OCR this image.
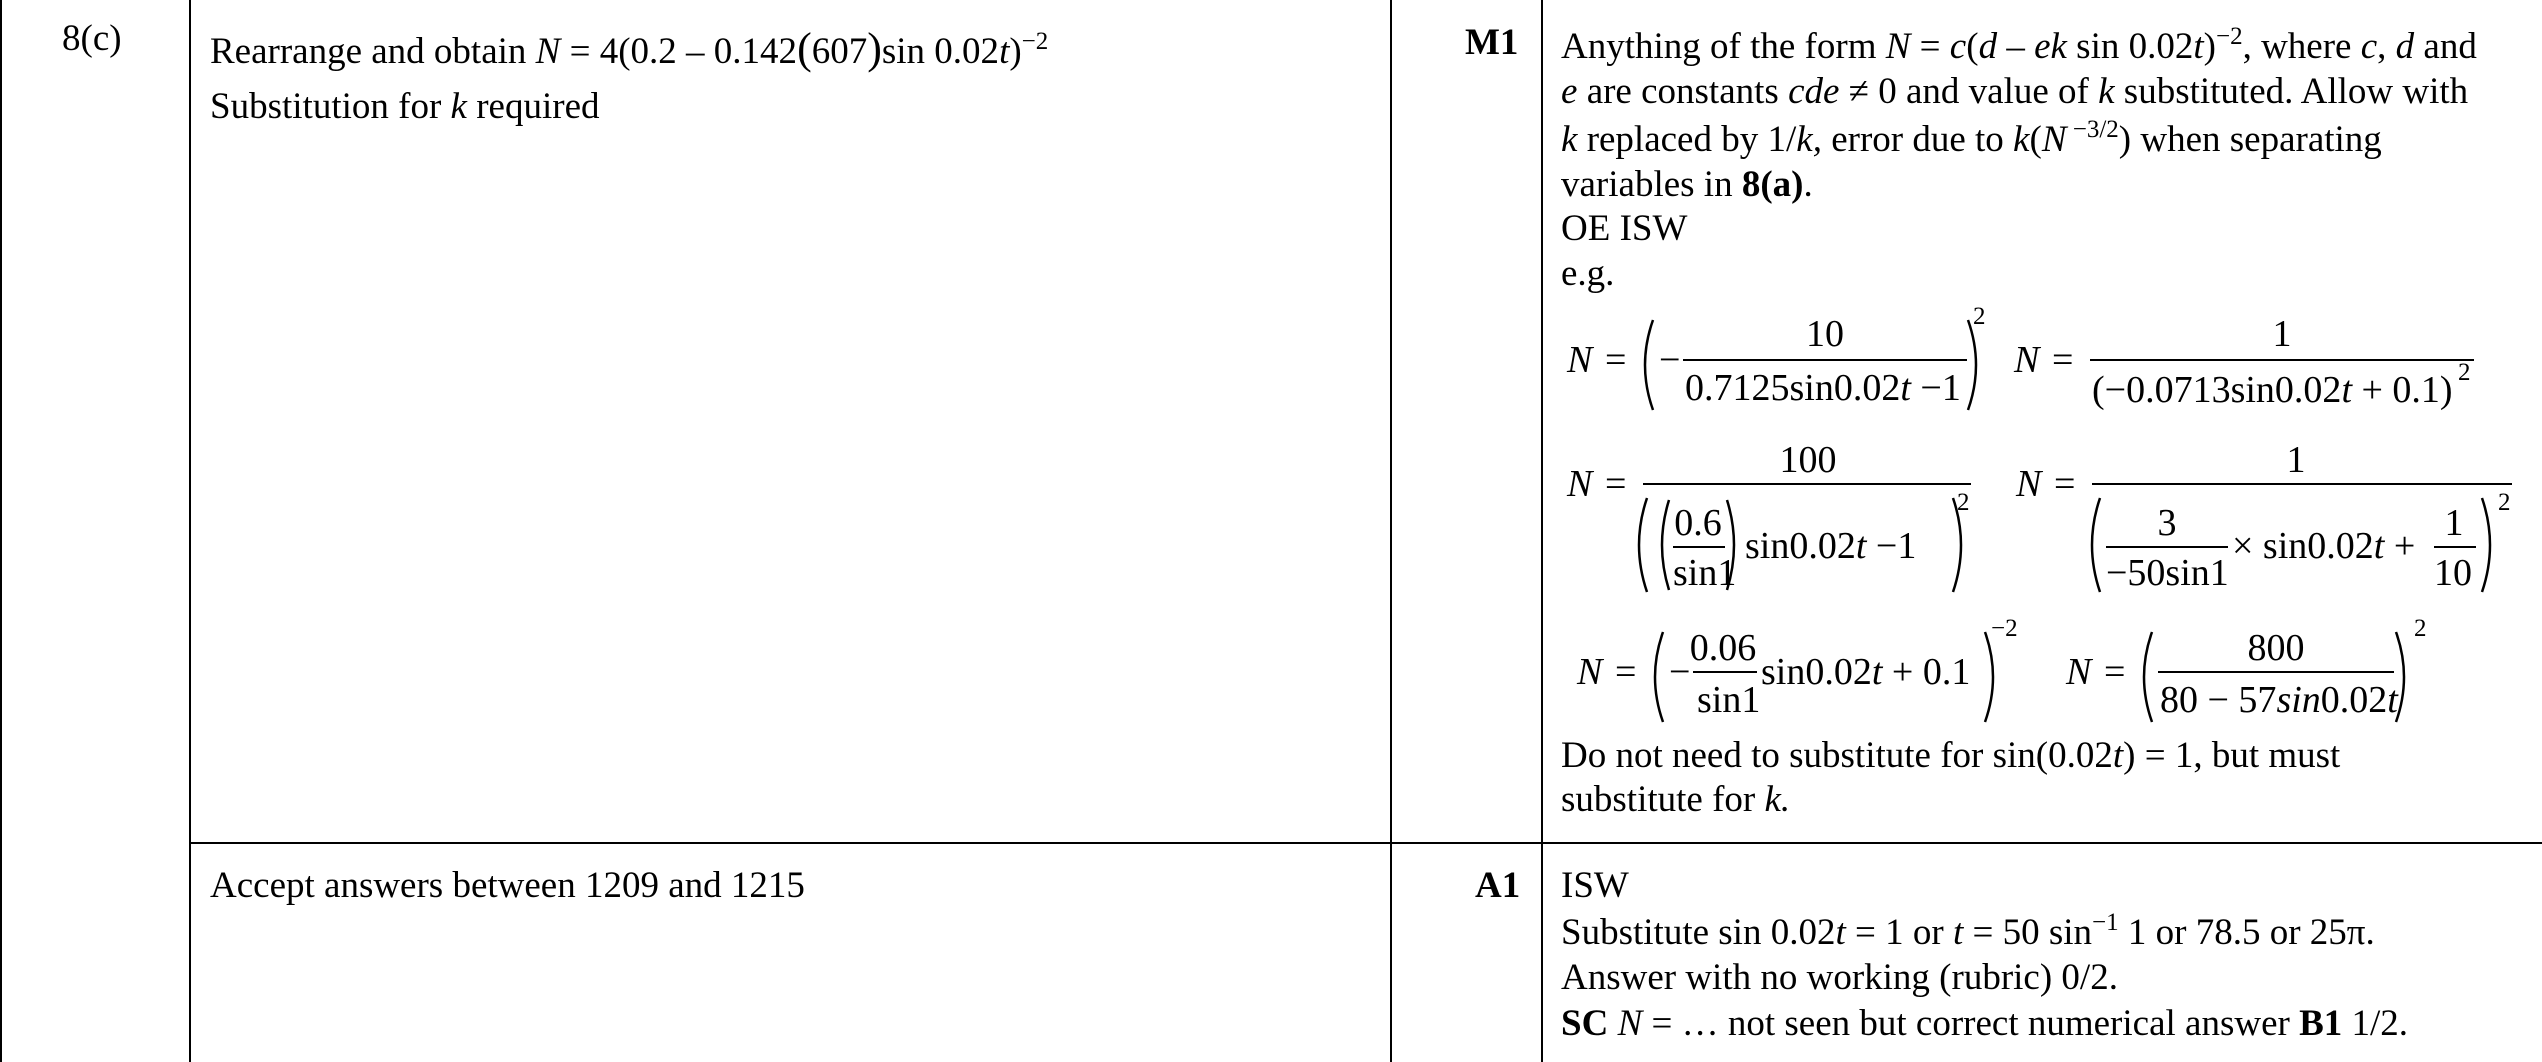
8(c) Rearrange and obtain N = 4(0.2 – 0.142(607)sin 0.02t)$^{-2}$
Substitution for k required
M1 Anything of the form N = c(d – ek sin 0.02t)$^{-2}$, where c, d and
e are constants cde ≠ 0 and value of k substituted. Allow with
k replaced by 1/k, error due to k(N $^{-3/2}$) when separating
variables in 8(a).
OE ISW
e.g.
N = −
10
0.7125sin0.02t −1
2
N =
1
(−0.0713sin0.02t + 0.1) 2
N =
100
0.6
sin1
sin0.02t −1
2 N =
1
3
−50sin1
× sin0.02t +
1
10
2
N = −
0.06
sin1
sin0.02t + 0.1
−2
N =
800
80 − 57sin0.02t
2
Do not need to substitute for sin(0.02t) = 1, but must
substitute for k.
Accept answers between 1209 and 1215	A1 ISW
Substitute sin 0.02t = 1 or t = 50 $\sin^{-1} 1$ or 78.5 or 25π.
Answer with no working (rubric) 0/2.
SC N = … not seen but correct numerical answer B1 1/2.
